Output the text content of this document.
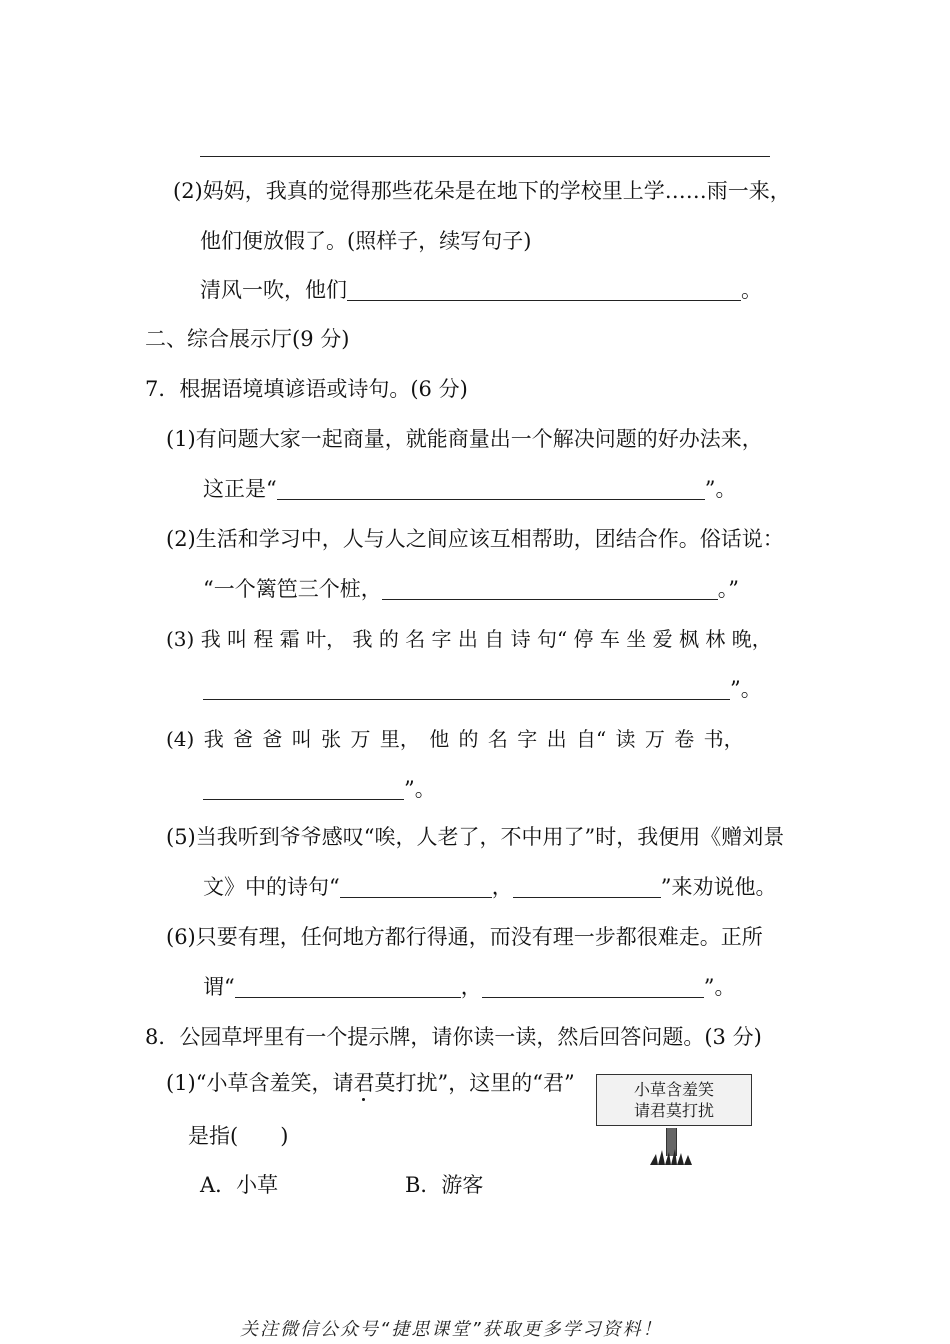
(2)妈妈，我真的觉得那些花朵是在地下的学校里上学……雨一来，
他们便放假了。(照样子，续写句子)
清风一吹，他们	。
二、综合展示厅(9 分)
7．根据语境填谚语或诗句。(6 分)
(1)有问题大家一起商量，就能商量出一个解决问题的好办法来，
这正是“	”。
(2)生活和学习中，人与人之间应该互相帮助，团结合作。俗话说：
“一个篱笆三个桩，	。”
(3) 我 叫 程 霜 叶， 我 的 名 字 出 自 诗 句“ 停 车 坐 爱 枫 林 晚，
”。
(4) 我 爸 爸 叫 张 万 里， 他 的 名 字 出 自“ 读 万 卷 书，
”。
(5)当我听到爷爷感叹“唉，人老了，不中用了”时，我便用《赠刘景
文》中的诗句“	，	”来劝说他。
(6)只要有理，任何地方都行得通，而没有理一步都很难走。正所
谓“	，	”。
8．公园草坪里有一个提示牌，请你读一读，然后回答问题。(3 分)
(1)“小草含羞笑，请君莫打扰”，这里的“君”
是指(　　)
A．小草	B．游客
小草含羞笑
请君莫打扰
关注微信公众号“捷思课堂”获取更多学习资料！
